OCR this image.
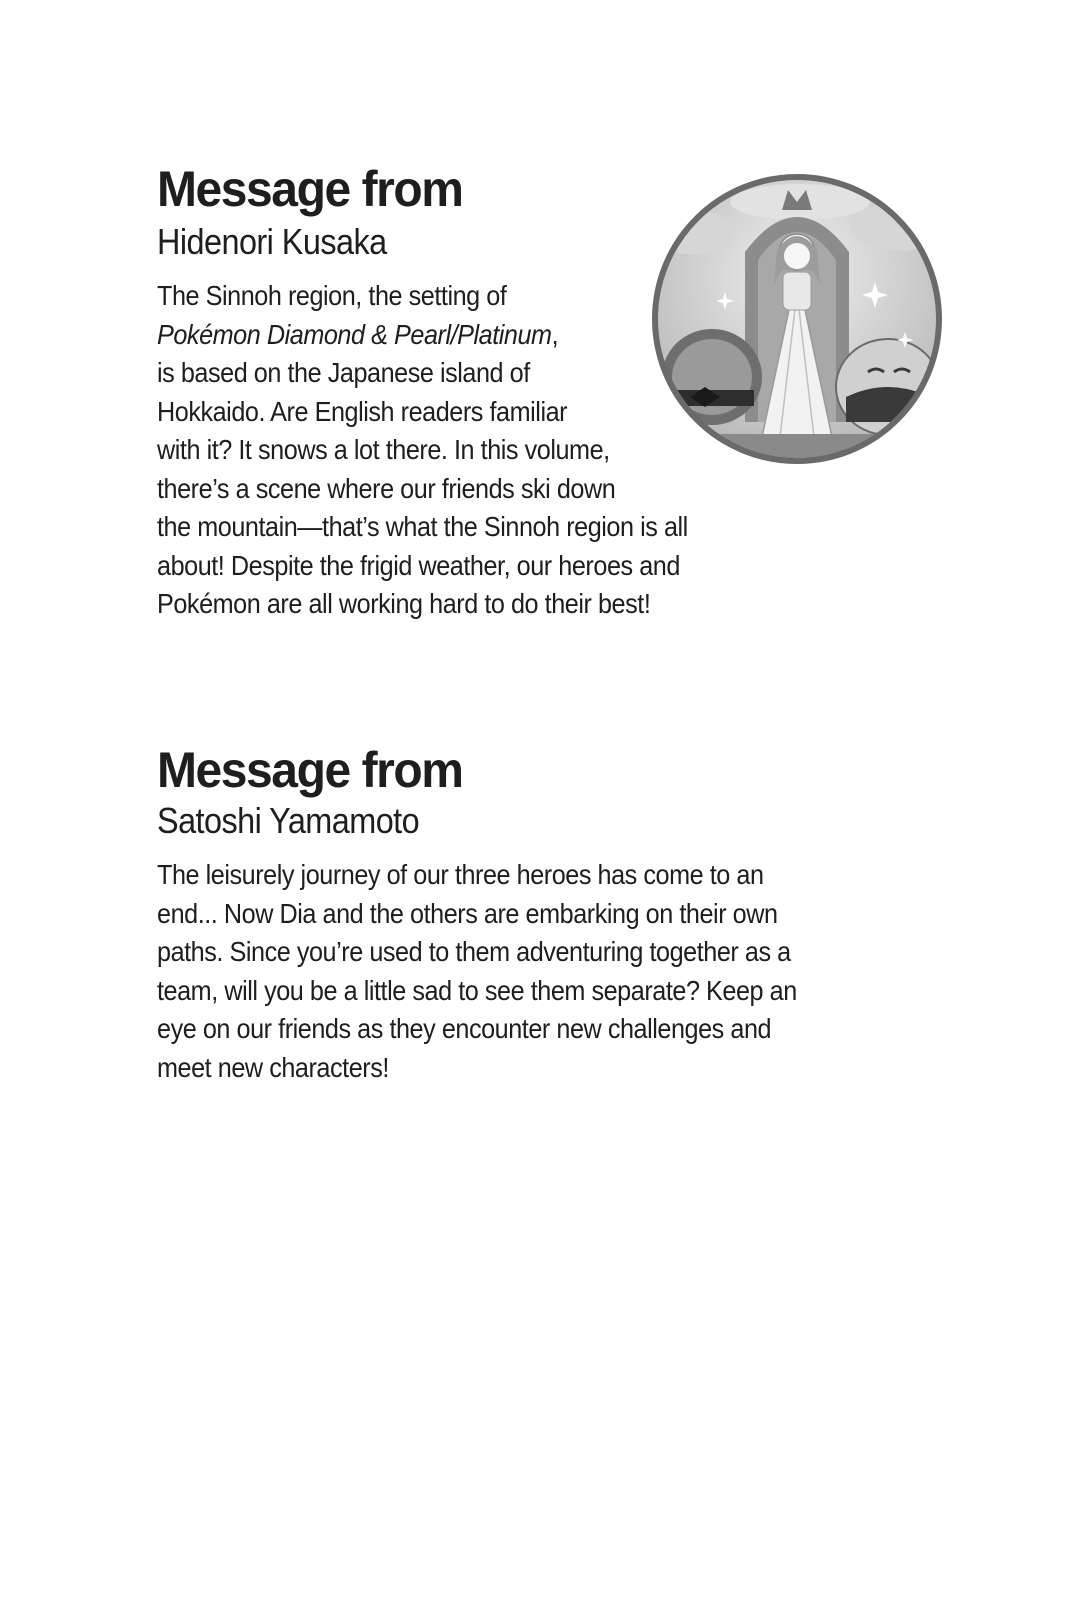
Message from
Hidenori Kusaka
The Sinnoh region, the setting of
Pokémon Diamond & Pearl/Platinum,
is based on the Japanese island of
Hokkaido. Are English readers familiar
with it? It snows a lot there. In this volume,
there’s a scene where our friends ski down
the mountain—that’s what the Sinnoh region is all
about! Despite the frigid weather, our heroes and
Pokémon are all working hard to do their best!
Message from
Satoshi Yamamoto
The leisurely journey of our three heroes has come to an
end... Now Dia and the others are embarking on their own
paths. Since you’re used to them adventuring together as a
team, will you be a little sad to see them separate? Keep an
eye on our friends as they encounter new challenges and
meet new characters!
